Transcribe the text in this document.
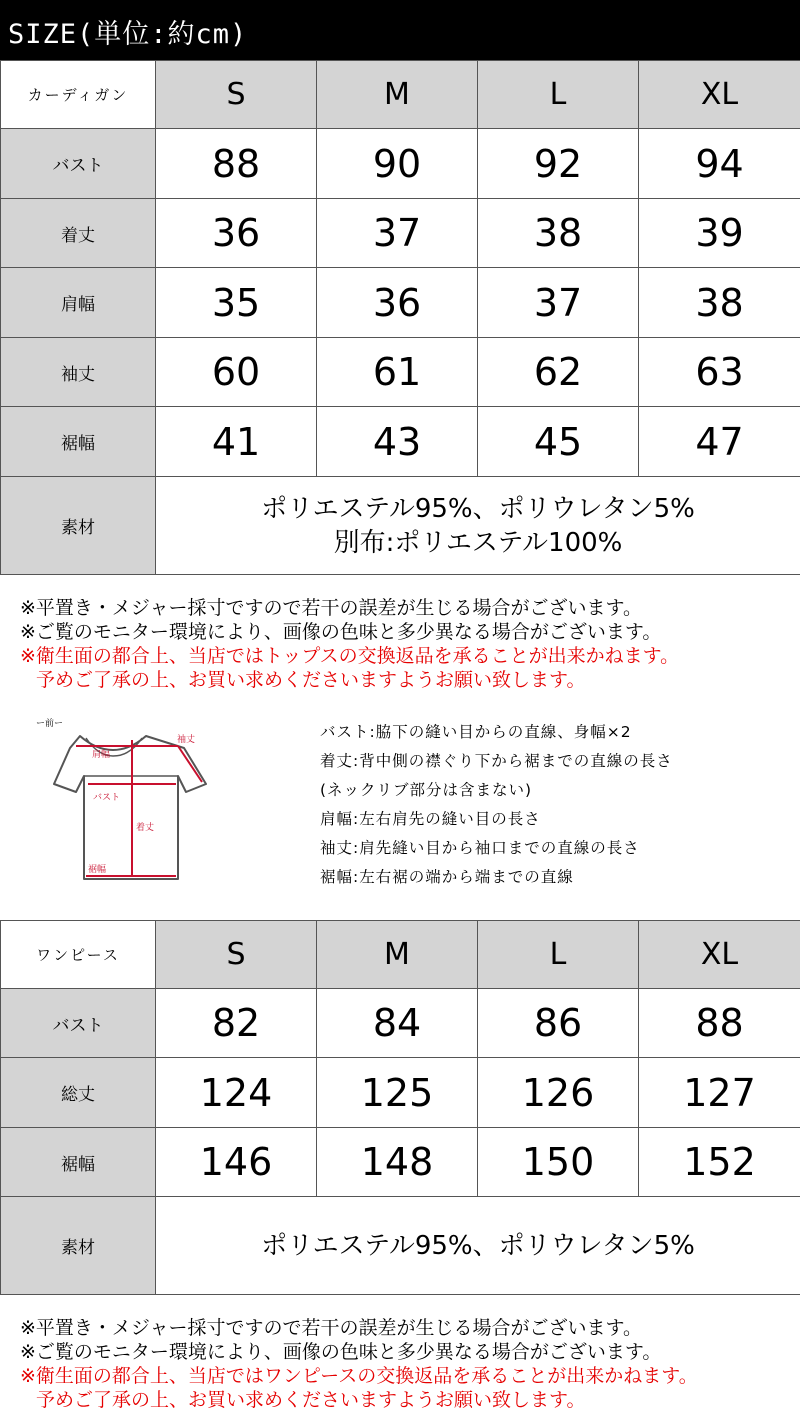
SIZE(単位:約cm)
カーディガン	S	M	L	XL
バスト	88	90	92	94
着丈	36	37	38	39
肩幅	35	36	37	38
袖丈	60	61	62	63
裾幅	41	43	45	47
素材	ポリエステル95%、ポリウレタン5%
別布:ポリエステル100%			
※平置き・メジャー採寸ですので若干の誤差が生じる場合がございます。
※ご覧のモニター環境により、画像の色味と多少異なる場合がございます。
※衛生面の都合上、当店ではトップスの交換返品を承ることが出来かねます。
予めご了承の上、お買い求めくださいますようお願い致します。
ー前ー
肩幅
袖丈
バスト
着丈
裾幅
バスト:脇下の縫い目からの直線、身幅×2
着丈:背中側の襟ぐり下から裾までの直線の長さ
(ネックリブ部分は含まない)
肩幅:左右肩先の縫い目の長さ
袖丈:肩先縫い目から袖口までの直線の長さ
裾幅:左右裾の端から端までの直線
ワンピース	S	M	L	XL
バスト	82	84	86	88
総丈	124	125	126	127
裾幅	146	148	150	152
素材	ポリエステル95%、ポリウレタン5%			
※平置き・メジャー採寸ですので若干の誤差が生じる場合がございます。
※ご覧のモニター環境により、画像の色味と多少異なる場合がございます。
※衛生面の都合上、当店ではワンピースの交換返品を承ることが出来かねます。
予めご了承の上、お買い求めくださいますようお願い致します。
